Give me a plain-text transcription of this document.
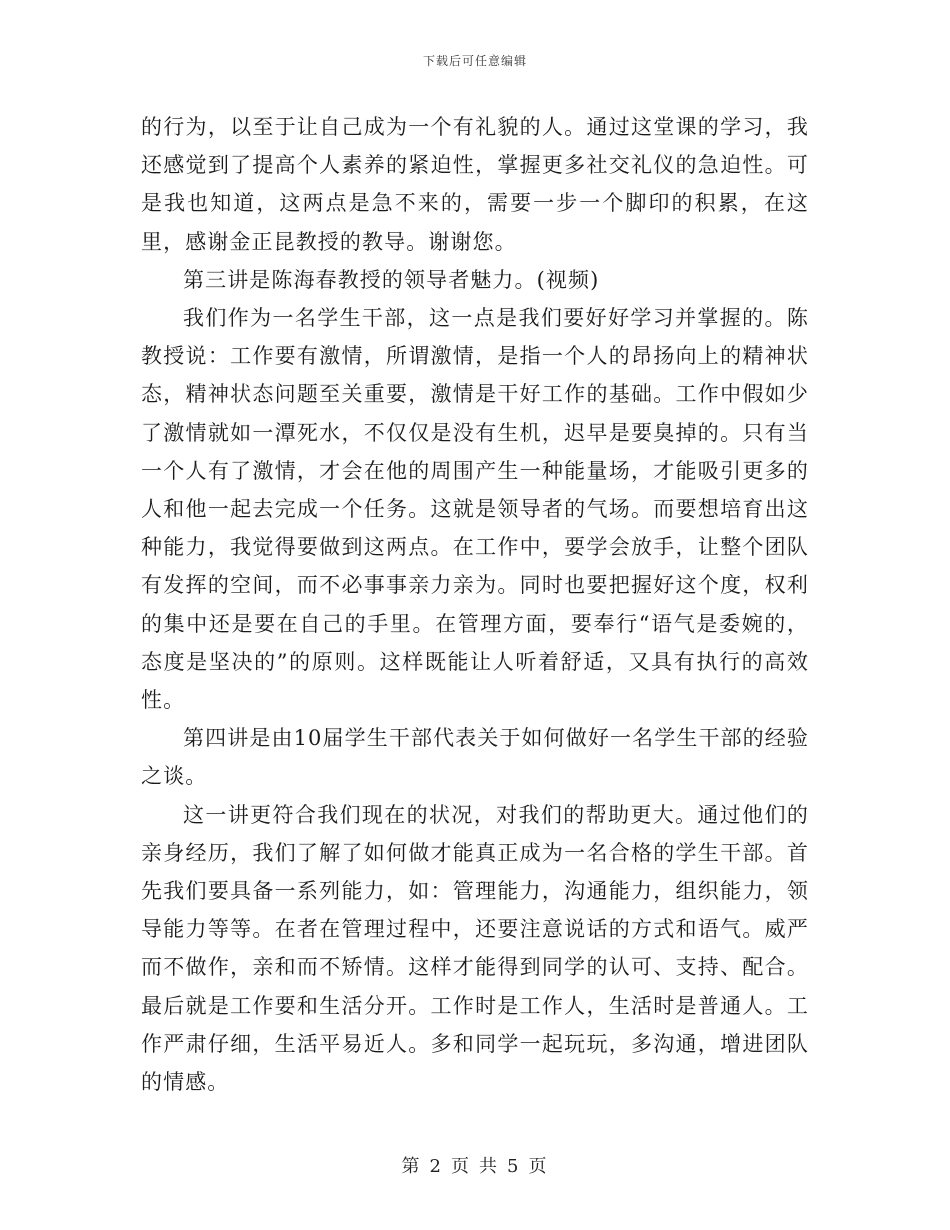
下载后可任意编辑

的行为，以至于让自己成为一个有礼貌的人。通过这堂课的学习，我还感觉到了提高个人素养的紧迫性，掌握更多社交礼仪的急迫性。可是我也知道，这两点是急不来的，需要一步一个脚印的积累，在这里，感谢金正昆教授的教导。谢谢您。

第三讲是陈海春教授的领导者魅力。(视频)

我们作为一名学生干部，这一点是我们要好好学习并掌握的。陈教授说：工作要有激情，所谓激情，是指一个人的昂扬向上的精神状态，精神状态问题至关重要，激情是干好工作的基础。工作中假如少了激情就如一潭死水，不仅仅是没有生机，迟早是要臭掉的。只有当一个人有了激情，才会在他的周围产生一种能量场，才能吸引更多的人和他一起去完成一个任务。这就是领导者的气场。而要想培育出这种能力，我觉得要做到这两点。在工作中，要学会放手，让整个团队有发挥的空间，而不必事事亲力亲为。同时也要把握好这个度，权利的集中还是要在自己的手里。在管理方面，要奉行“语气是委婉的，态度是坚决的”的原则。这样既能让人听着舒适，又具有执行的高效性。

第四讲是由10届学生干部代表关于如何做好一名学生干部的经验之谈。

这一讲更符合我们现在的状况，对我们的帮助更大。通过他们的亲身经历，我们了解了如何做才能真正成为一名合格的学生干部。首先我们要具备一系列能力，如：管理能力，沟通能力，组织能力，领导能力等等。在者在管理过程中，还要注意说话的方式和语气。威严而不做作，亲和而不矫情。这样才能得到同学的认可、支持、配合。最后就是工作要和生活分开。工作时是工作人，生活时是普通人。工作严肃仔细，生活平易近人。多和同学一起玩玩，多沟通，增进团队的情感。

第 2 页 共 5 页
